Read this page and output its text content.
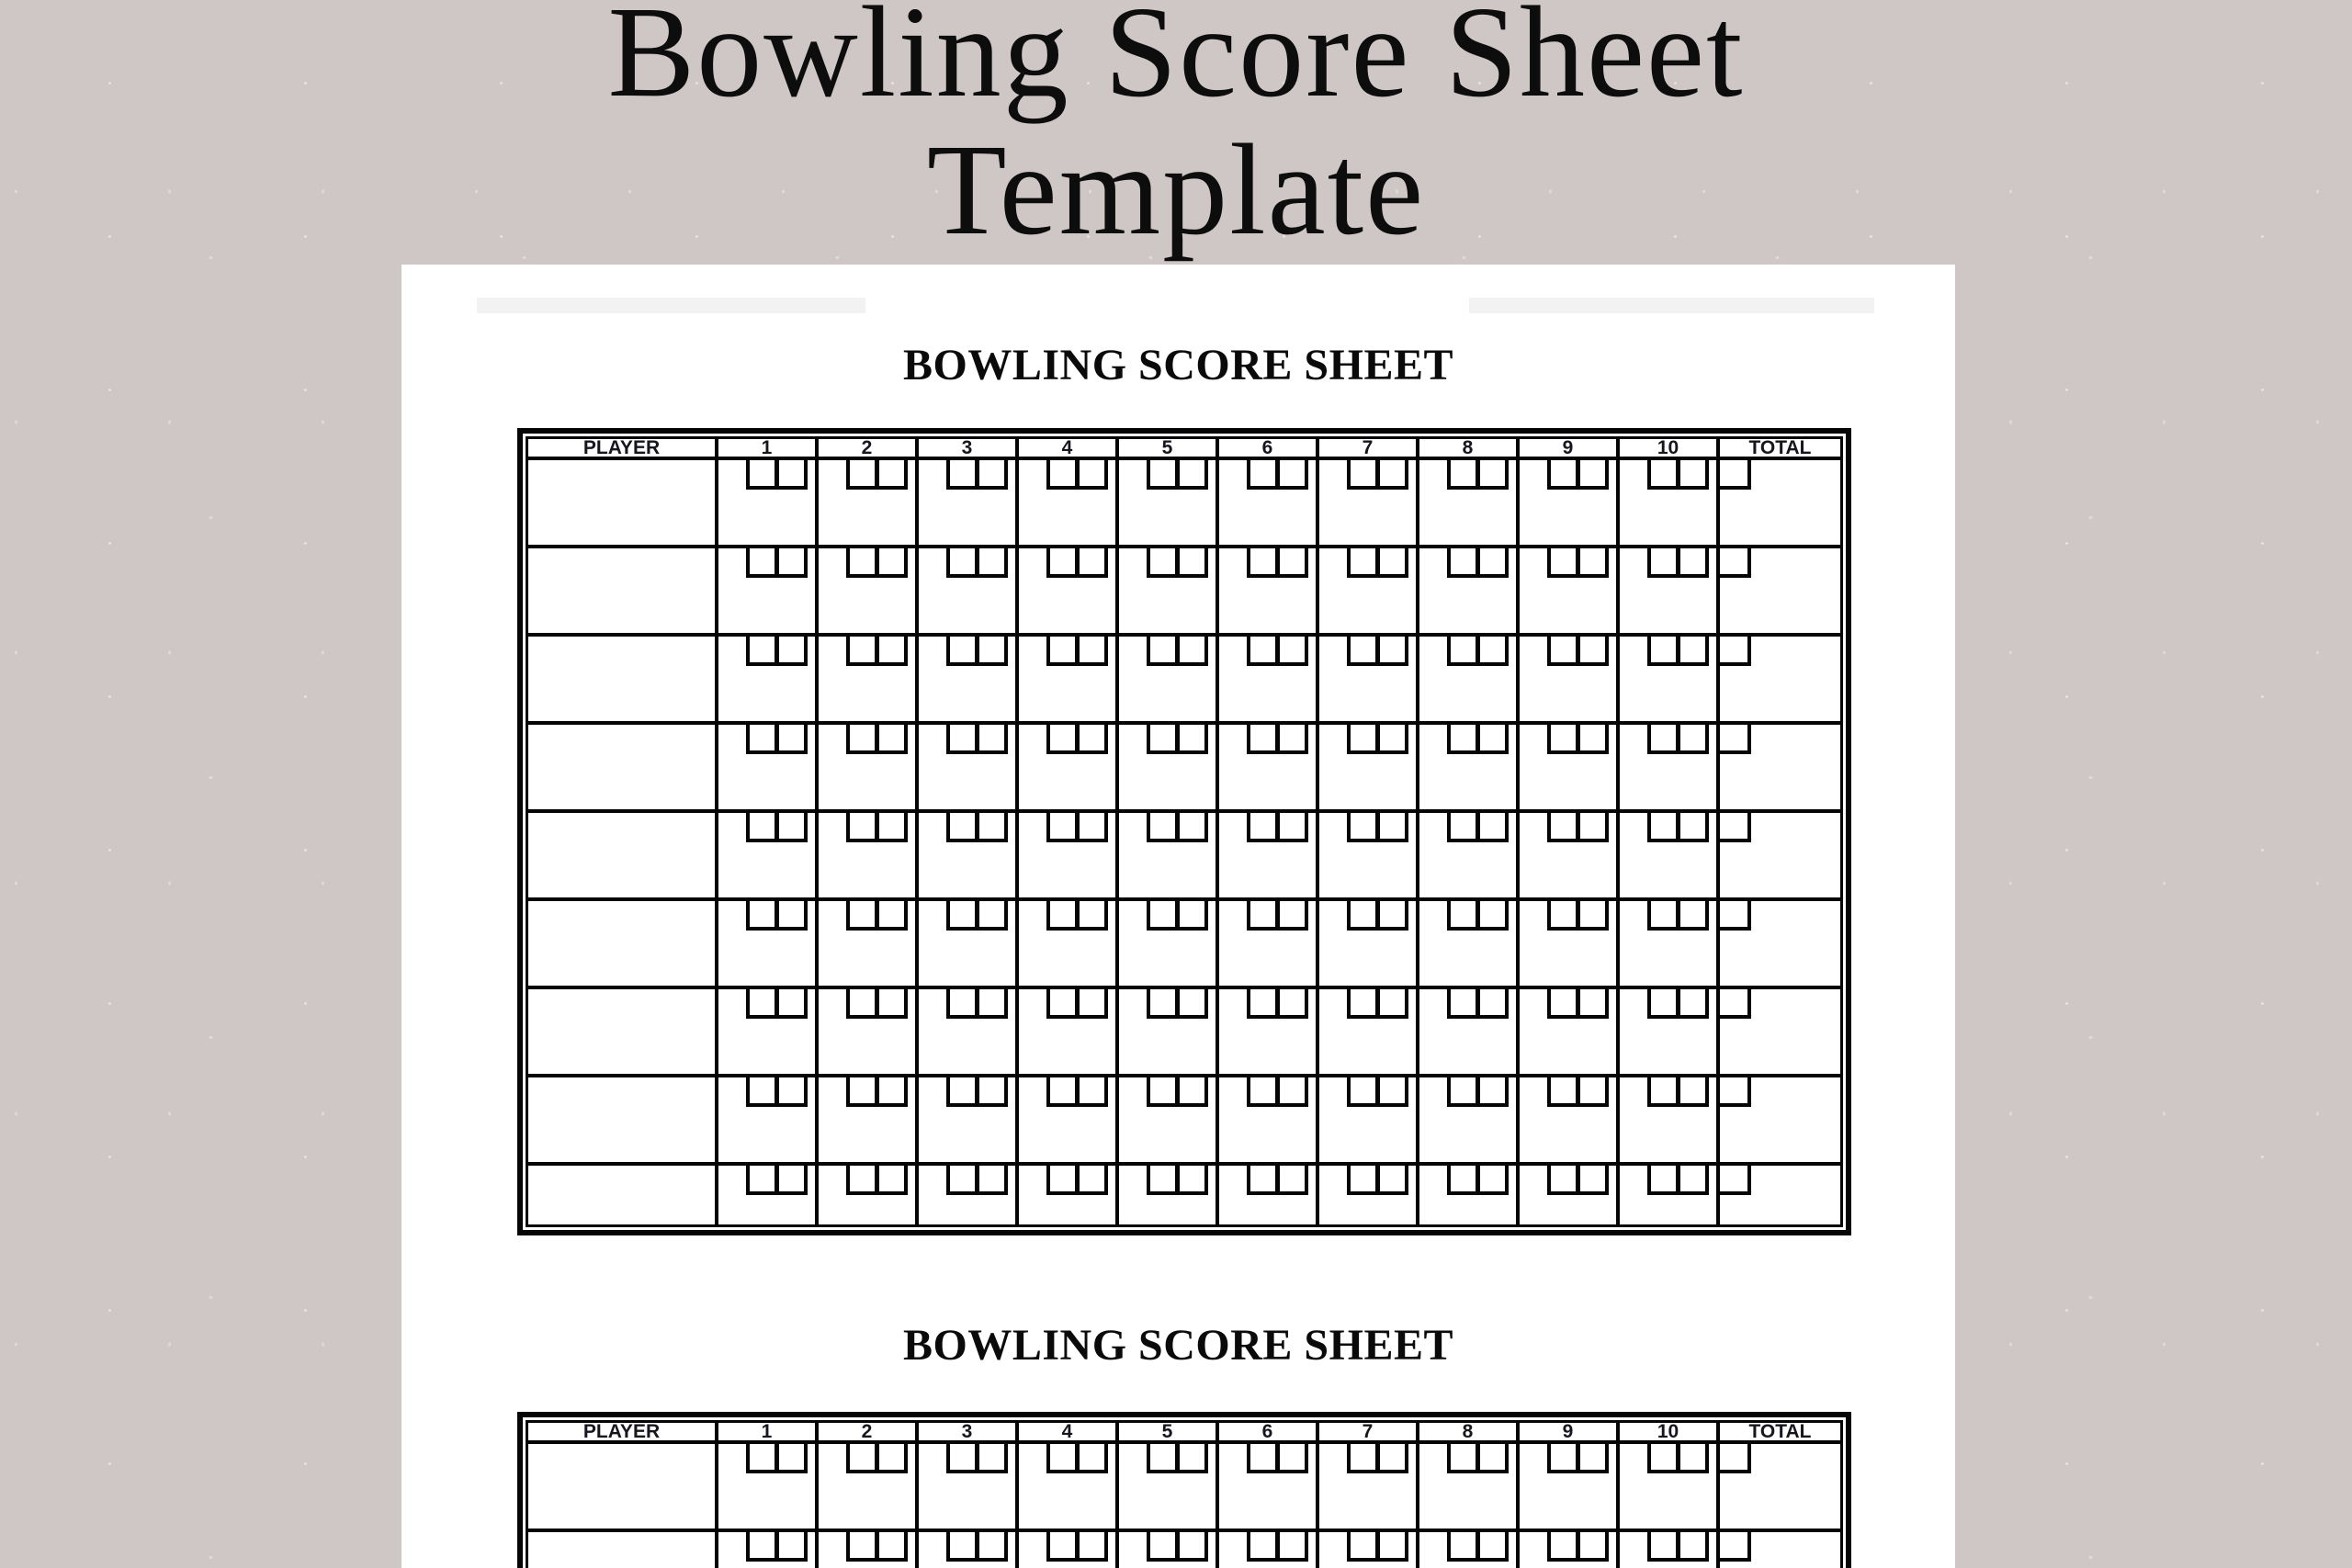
Bowling Score Sheet
Template
BOWLING SCORE SHEET
PLAYER	1	2	3	4	5	6	7	8	9	10	TOTAL
BOWLING SCORE SHEET
PLAYER	1	2	3	4	5	6	7	8	9	10	TOTAL
